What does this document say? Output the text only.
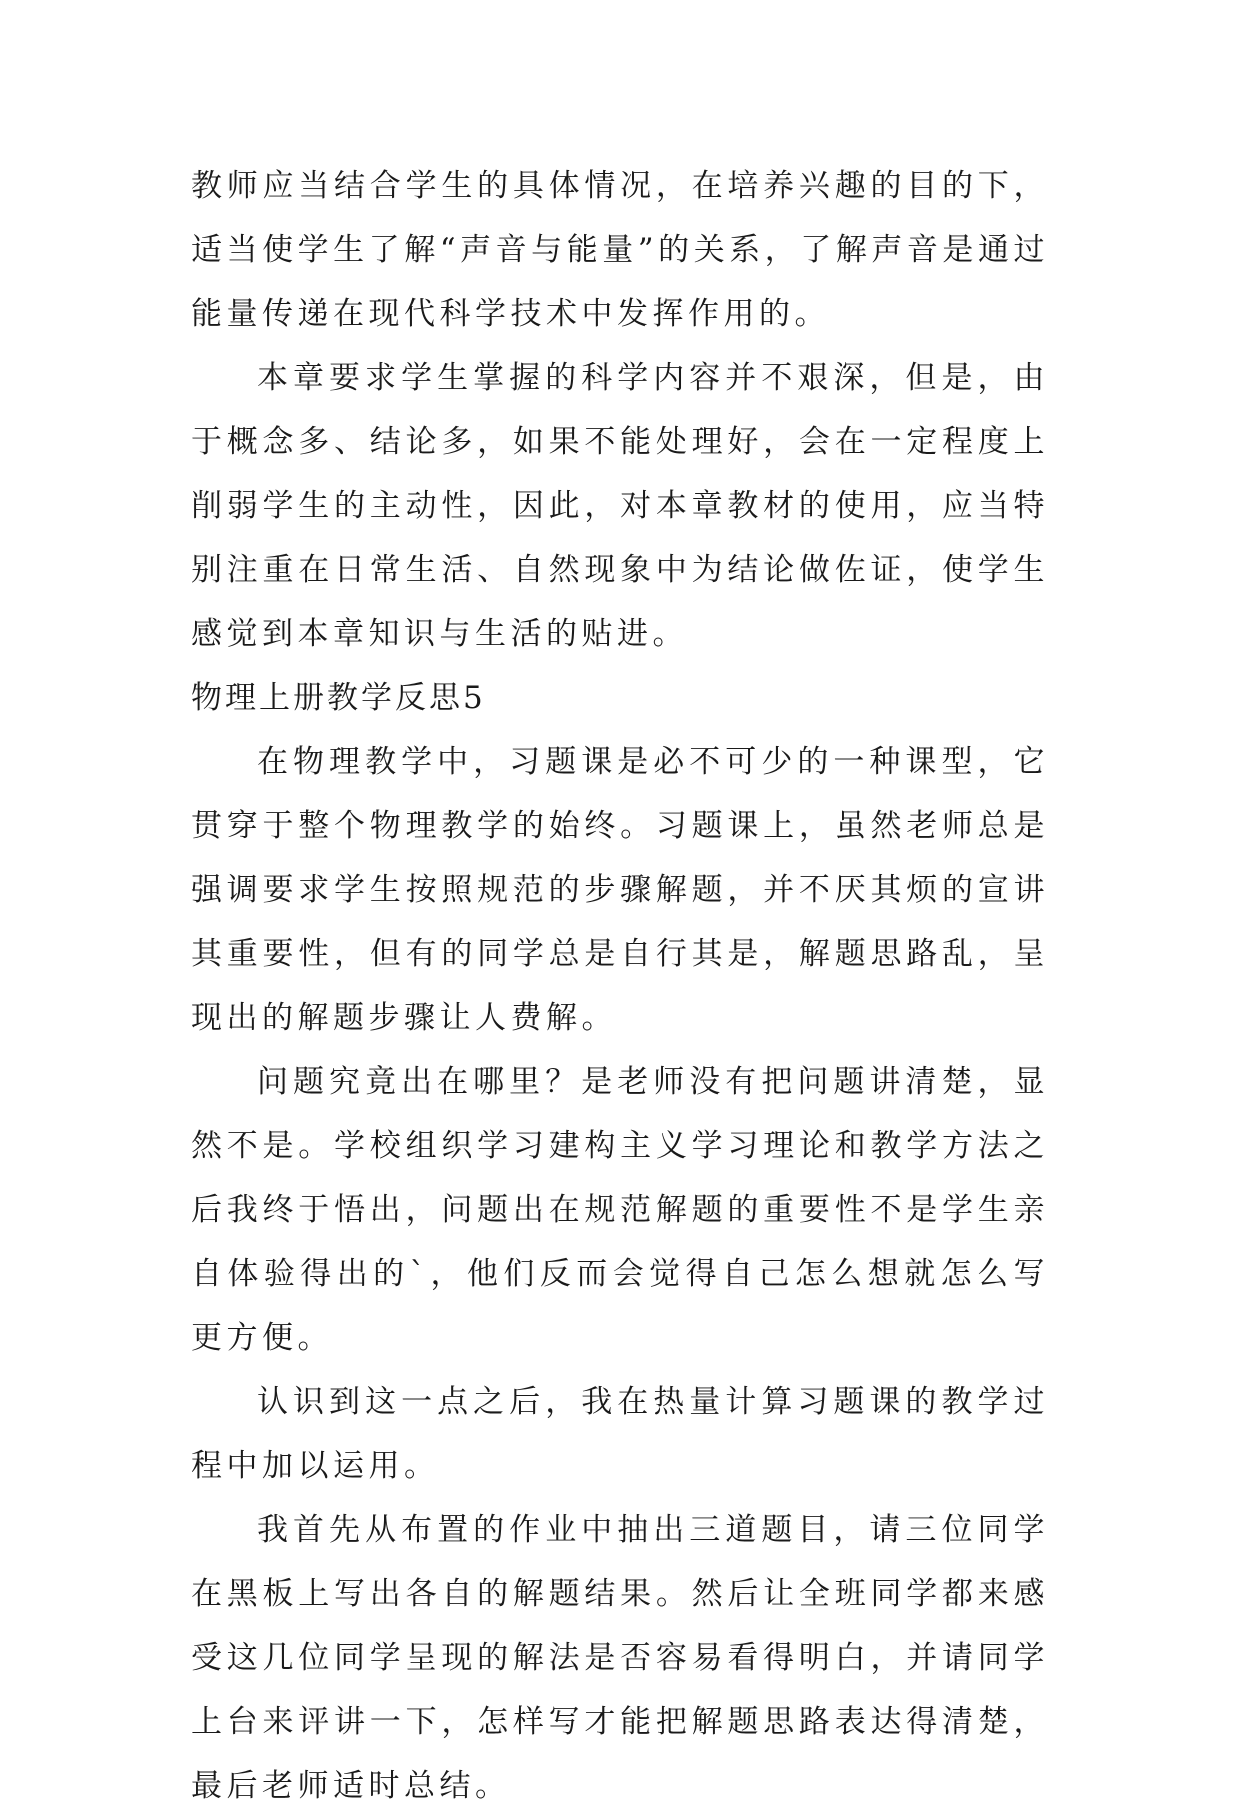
教师应当结合学生的具体情况，在培养兴趣的目的下，适当使学生了解“声音与能量”的关系，了解声音是通过能量传递在现代科学技术中发挥作用的。

本章要求学生掌握的科学内容并不艰深，但是，由于概念多、结论多，如果不能处理好，会在一定程度上削弱学生的主动性，因此，对本章教材的使用，应当特别注重在日常生活、自然现象中为结论做佐证，使学生感觉到本章知识与生活的贴进。

物理上册教学反思5

在物理教学中，习题课是必不可少的一种课型，它贯穿于整个物理教学的始终。习题课上，虽然老师总是强调要求学生按照规范的步骤解题，并不厌其烦的宣讲其重要性，但有的同学总是自行其是，解题思路乱，呈现出的解题步骤让人费解。

问题究竟出在哪里？是老师没有把问题讲清楚，显然不是。学校组织学习建构主义学习理论和教学方法之后我终于悟出，问题出在规范解题的重要性不是学生亲自体验得出的`，他们反而会觉得自己怎么想就怎么写更方便。

认识到这一点之后，我在热量计算习题课的教学过程中加以运用。

我首先从布置的作业中抽出三道题目，请三位同学在黑板上写出各自的解题结果。然后让全班同学都来感受这几位同学呈现的解法是否容易看得明白，并请同学上台来评讲一下，怎样写才能把解题思路表达得清楚，最后老师适时总结。
